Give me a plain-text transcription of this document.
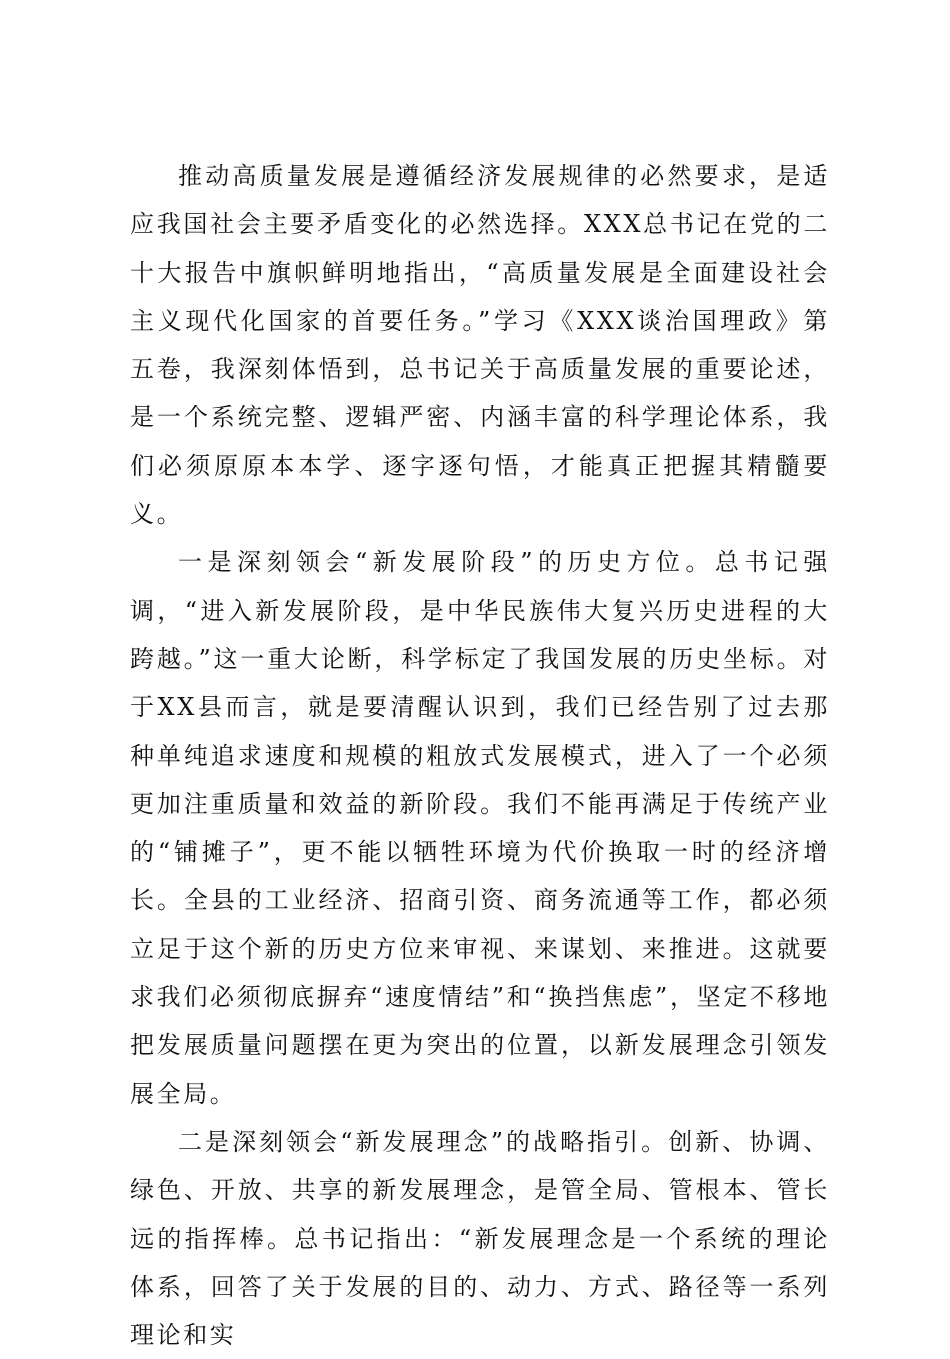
推动高质量发展是遵循经济发展规律的必然要求，是适应我国社会主要矛盾变化的必然选择。XXX总书记在党的二十大报告中旗帜鲜明地指出，“高质量发展是全面建设社会主义现代化国家的首要任务。”学习《XXX谈治国理政》第五卷，我深刻体悟到，总书记关于高质量发展的重要论述，是一个系统完整、逻辑严密、内涵丰富的科学理论体系，我们必须原原本本学、逐字逐句悟，才能真正把握其精髓要义。

一是深刻领会“新发展阶段”的历史方位。总书记强调，“进入新发展阶段，是中华民族伟大复兴历史进程的大跨越。”这一重大论断，科学标定了我国发展的历史坐标。对于XX县而言，就是要清醒认识到，我们已经告别了过去那种单纯追求速度和规模的粗放式发展模式，进入了一个必须更加注重质量和效益的新阶段。我们不能再满足于传统产业的“铺摊子”，更不能以牺牲环境为代价换取一时的经济增长。全县的工业经济、招商引资、商务流通等工作，都必须立足于这个新的历史方位来审视、来谋划、来推进。这就要求我们必须彻底摒弃“速度情结”和“换挡焦虑”，坚定不移地把发展质量问题摆在更为突出的位置，以新发展理念引领发展全局。

二是深刻领会“新发展理念”的战略指引。创新、协调、绿色、开放、共享的新发展理念，是管全局、管根本、管长远的指挥棒。总书记指出：“新发展理念是一个系统的理论体系，回答了关于发展的目的、动力、方式、路径等一系列理论和实
